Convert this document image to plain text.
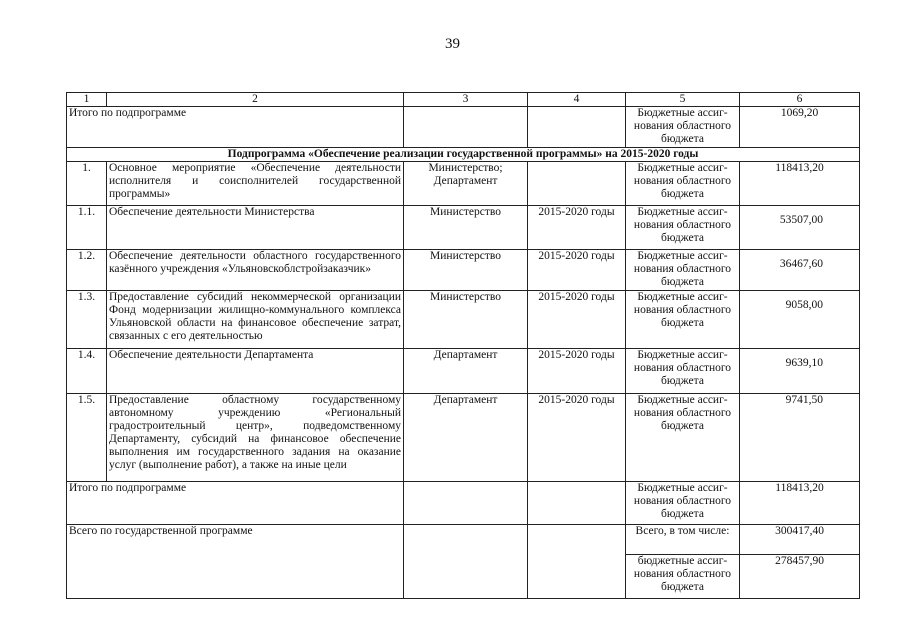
39
1	2	3	4	5	6
Итого по подпрограмме				Бюджетные ассиг-нования областного бюджета	1069,20
Подпрограмма «Обеспечение реализации государственной программы» на 2015-2020 годы					
1.	Основное мероприятие «Обеспечение деятельности исполнителя и соисполнителей государственной программы»	Министерство; Департамент		Бюджетные ассиг-нования областного бюджета	118413,20
1.1.	Обеспечение деятельности Министерства	Министерство	2015-2020 годы	Бюджетные ассиг-нования областного бюджета	53507,00
1.2.	Обеспечение деятельности областного государственного казённого учреждения «Ульяновскоблстройзаказчик»	Министерство	2015-2020 годы	Бюджетные ассиг-нования областного бюджета	36467,60
1.3.	Предоставление субсидий некоммерческой организации Фонд модернизации жилищно-коммунального комплекса Ульяновской области на финансовое обеспечение затрат, связанных с его деятельностью	Министерство	2015-2020 годы	Бюджетные ассиг-нования областного бюджета	9058,00
1.4.	Обеспечение деятельности Департамента	Департамент	2015-2020 годы	Бюджетные ассиг-нования областного бюджета	9639,10
1.5.	Предоставление областному государственному автономному учреждению «Региональный градостроительный центр», подведомственному Департаменту, субсидий на финансовое обеспечение выполнения им государственного задания на оказание услуг (выполнение работ), а также на иные цели	Департамент	2015-2020 годы	Бюджетные ассиг-нования областного бюджета	9741,50
Итого по подпрограмме				Бюджетные ассиг-нования областного бюджета	118413,20
Всего по государственной программе				Всего, в том числе:	300417,40
				бюджетные ассиг-нования областного бюджета	278457,90
